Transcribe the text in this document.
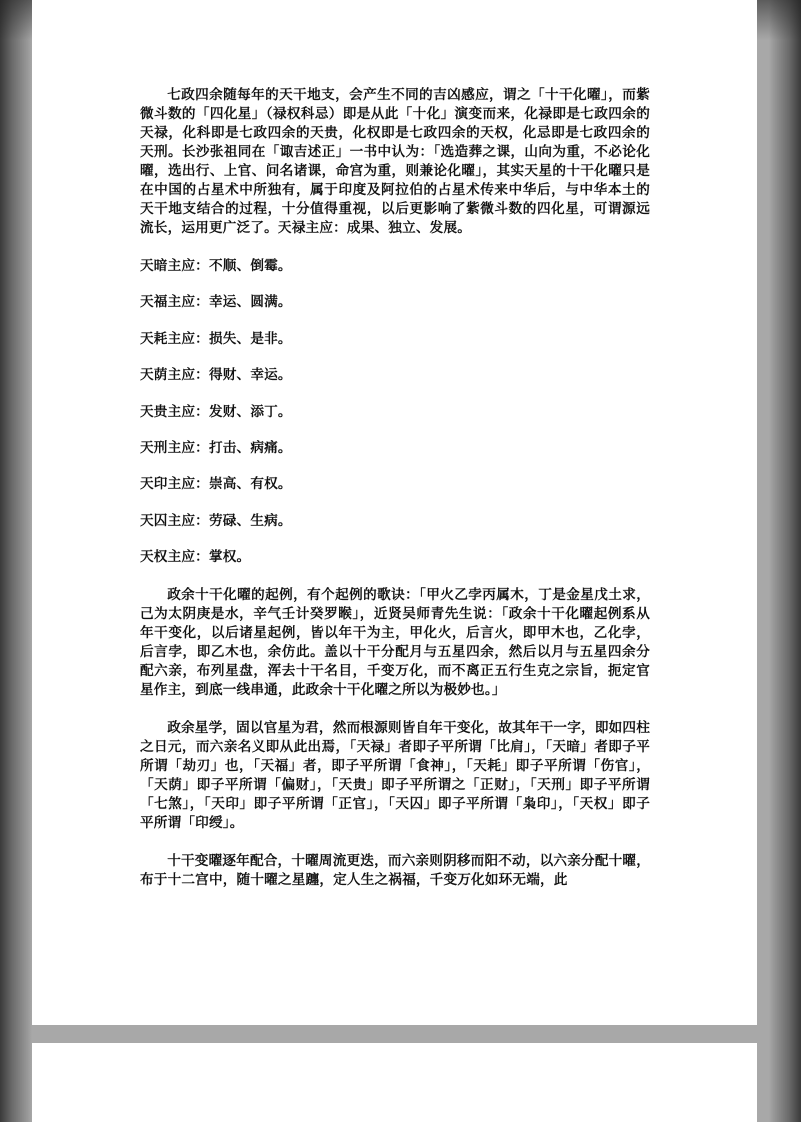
七政四余随每年的天干地支，会产生不同的吉凶感应，谓之「十干化曜」，而紫微斗数的「四化星」（禄权科忌）即是从此「十化」演变而来，化禄即是七政四余的天禄，化科即是七政四余的天贵，化权即是七政四余的天权，化忌即是七政四余的天刑。长沙张祖同在「诹吉述正」一书中认为：「选造葬之课，山向为重，不必论化曜，选出行、上官、问名诸课，命宫为重，则兼论化曜」，其实天星的十干化曜只是在中国的占星术中所独有，属于印度及阿拉伯的占星术传来中华后，与中华本土的天干地支结合的过程，十分值得重视，以后更影响了紫微斗数的四化星，可谓源远流长，运用更广泛了。天禄主应：成果、独立、发展。

天暗主应：不顺、倒霉。
天福主应：幸运、圆满。
天耗主应：损失、是非。
天荫主应：得财、幸运。
天贵主应：发财、添丁。
天刑主应：打击、病痛。
天印主应：崇高、有权。
天囚主应：劳碌、生病。
天权主应：掌权。

政余十干化曜的起例，有个起例的歌诀：「甲火乙孛丙属木，丁是金星戊土求，己为太阴庚是水，辛气壬计癸罗睺」，近贤吴师青先生说：「政余十干化曜起例系从年干变化，以后诸星起例，皆以年干为主，甲化火，后言火，即甲木也，乙化孛，后言孛，即乙木也，余仿此。盖以十干分配月与五星四余，然后以月与五星四余分配六亲，布列星盘，浑去十干名目，千变万化，而不离正五行生克之宗旨，扼定官星作主，到底一线串通，此政余十干化曜之所以为极妙也。」

政余星学，固以官星为君，然而根源则皆自年干变化，故其年干一字，即如四柱之日元，而六亲名义即从此出焉，「天禄」者即子平所谓「比肩」，「天暗」者即子平所谓「劫刃」也，「天福」者，即子平所谓「食神」，「天耗」即子平所谓「伤官」，「天荫」即子平所谓「偏财」，「天贵」即子平所谓之「正财」，「天刑」即子平所谓「七煞」，「天印」即子平所谓「正官」，「天囚」即子平所谓「枭印」，「天权」即子平所谓「印绶」。

十干变曜逐年配合，十曜周流更迭，而六亲则阴移而阳不动，以六亲分配十曜，布于十二宫中，随十曜之星躔，定人生之祸福，千变万化如环无端，此
